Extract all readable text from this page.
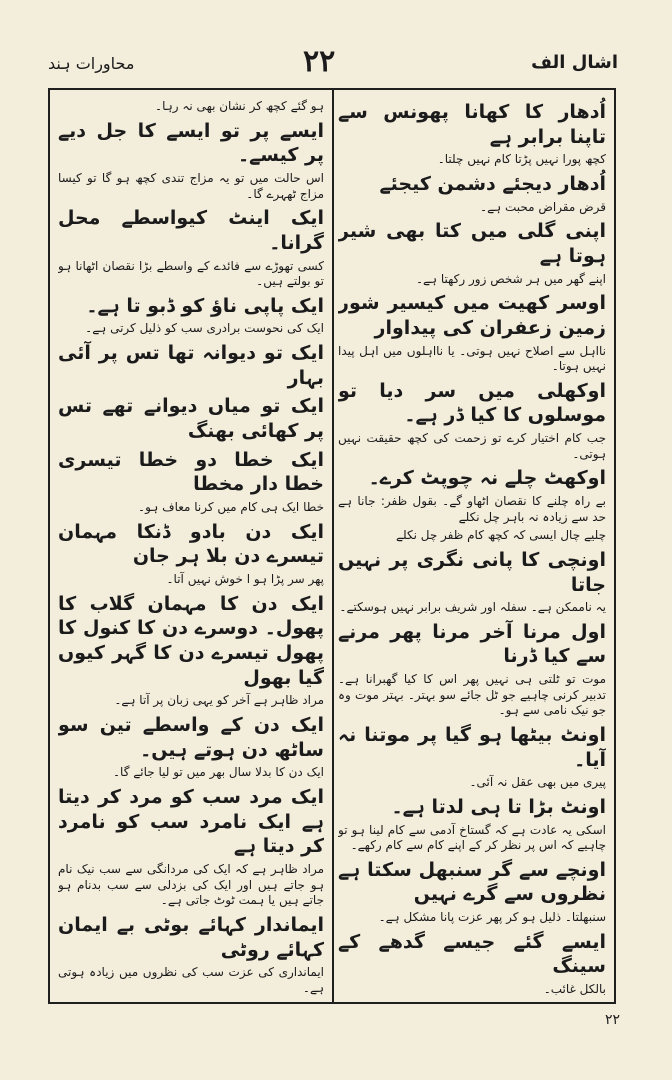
اشال الف
۲۲
محاورات ہند

اُدھار کا کھانا پھونس سے تاپنا برابر ہے

کچھ پورا نہیں پڑتا کام نہیں چلتا۔

اُدھار دیجئے دشمن کیجئے

قرض مقراض محبت ہے۔

اپنی گلی میں کتا بھی شیر ہوتا ہے

اپنے گھر میں ہر شخص زور رکھتا ہے۔

اوسر کھیت میں کیسیر شور زمین زعفران کی پیداوار

نااہل سے اصلاح نہیں ہوتی۔ یا نااہلوں میں اہل پیدا نہیں ہوتا۔

اوکھلی میں سر دیا تو موسلوں کا کیا ڈر ہے۔

جب کام اختیار کرے تو زحمت کی کچھ حقیقت نہیں ہوتی۔

اوکھٹ چلے نہ چوپٹ کرے۔

بے راہ چلنے کا نقصان اٹھاو گے۔ بقول ظفر: جانا ہے حد سے زیادہ نہ باہر چل نکلے

چلیے چال ایسی کہ کچھ کام ظفر چل نکلے

اونچی کا پانی نگری پر نہیں جاتا

یہ ناممکن ہے۔ سفلہ اور شریف برابر نہیں ہوسکتے۔

اول مرنا آخر مرنا پھر مرنے سے کیا ڈرنا

موت تو ٹلتی ہی نہیں پھر اس کا کیا گھبرانا ہے۔ تدبیر کرنی چاہیے جو ٹل جائے سو بہتر۔ بہتر موت وہ جو نیک نامی سے ہو۔

اونٹ بیٹھا ہو گیا پر موتنا نہ آیا۔

پیری میں بھی عقل نہ آئی۔

اونٹ بڑا تا ہی لدتا ہے۔

اسکی یہ عادت ہے کہ گستاخ آدمی سے کام لینا ہو تو چاہیے کہ اس پر نظر کر کے اپنے کام سے کام رکھے۔

اونچے سے گر سنبھل سکتا ہے نظروں سے گرے نہیں

سنبھلتا۔ ذلیل ہو کر پھر عزت پانا مشکل ہے۔

ایسے گئے جیسے گدھے کے سینگ

بالکل غائب۔

ہو گئے کچھ کر نشان بھی نہ رہا۔

ایسے پر تو ایسے کا جل دیے پر کیسے۔

اس حالت میں تو یہ مزاج تندی کچھ ہو گا تو کیسا مزاج ٹھہرے گا۔

ایک اینٹ کیواسطے محل گرانا۔

کسی تھوڑے سے فائدے کے واسطے بڑا نقصان اٹھانا ہو تو بولتے ہیں۔

ایک پاپی ناؤ کو ڈبو تا ہے۔

ایک کی نحوست برادری سب کو ذلیل کرتی ہے۔

ایک تو دیوانہ تھا تس پر آئی بہار

ایک تو میاں دیوانے تھے تس پر کھائی بھنگ

ایک خطا دو خطا تیسری خطا دار مخطا

خطا ایک ہی کام میں کرنا معاف ہو۔

ایک دن بادو ڈنکا مہمان تیسرے دن بلا ہر جان

پھر سر پڑا ہو ا خوش نہیں آتا۔

ایک دن کا مہمان گلاب کا پھول۔ دوسرے دن کا کنول کا پھول تیسرے دن کا گہر کیوں گیا بھول

مراد ظاہر ہے آخر کو یہی زبان پر آتا ہے۔

ایک دن کے واسطے تین سو ساٹھ دن ہوتے ہیں۔

ایک دن کا بدلا سال بھر میں تو لیا جائے گا۔

ایک مرد سب کو مرد کر دیتا ہے ایک نامرد سب کو نامرد کر دیتا ہے

مراد ظاہر ہے کہ ایک کی مردانگی سے سب نیک نام ہو جاتے ہیں اور ایک کی بزدلی سے سب بدنام ہو جاتے ہیں یا ہمت ٹوٹ جاتی ہے۔

ایماندار کہائے بوٹی بے ایمان کہائے روٹی

ایمانداری کی عزت سب کی نظروں میں زیادہ ہوتی ہے۔

۲۲
